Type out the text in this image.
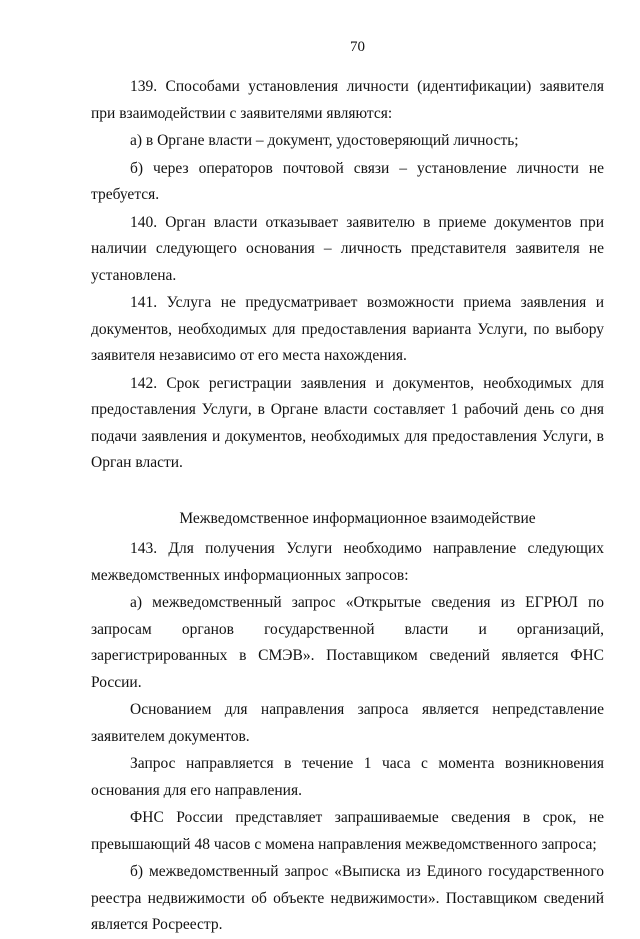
70

139. Способами установления личности (идентификации) заявителя при взаимодействии с заявителями являются:

а) в Органе власти – документ, удостоверяющий личность;

б) через операторов почтовой связи – установление личности не требуется.

140. Орган власти отказывает заявителю в приеме документов при наличии следующего основания – личность представителя заявителя не установлена.

141. Услуга не предусматривает возможности приема заявления и документов, необходимых для предоставления варианта Услуги, по выбору заявителя независимо от его места нахождения.

142. Срок регистрации заявления и документов, необходимых для предоставления Услуги, в Органе власти составляет 1 рабочий день со дня подачи заявления и документов, необходимых для предоставления Услуги, в Орган власти.

Межведомственное информационное взаимодействие

143. Для получения Услуги необходимо направление следующих межведомственных информационных запросов:

а) межведомственный запрос «Открытые сведения из ЕГРЮЛ по запросам органов государственной власти и организаций, зарегистрированных в СМЭВ». Поставщиком сведений является ФНС России.

Основанием для направления запроса является непредставление заявителем документов.

Запрос направляется в течение 1 часа с момента возникновения основания для его направления.

ФНС России представляет запрашиваемые сведения в срок, не превышающий 48 часов с момена направления межведомственного запроса;

б) межведомственный запрос «Выписка из Единого государственного реестра недвижимости об объекте недвижимости». Поставщиком сведений является Росреестр.
